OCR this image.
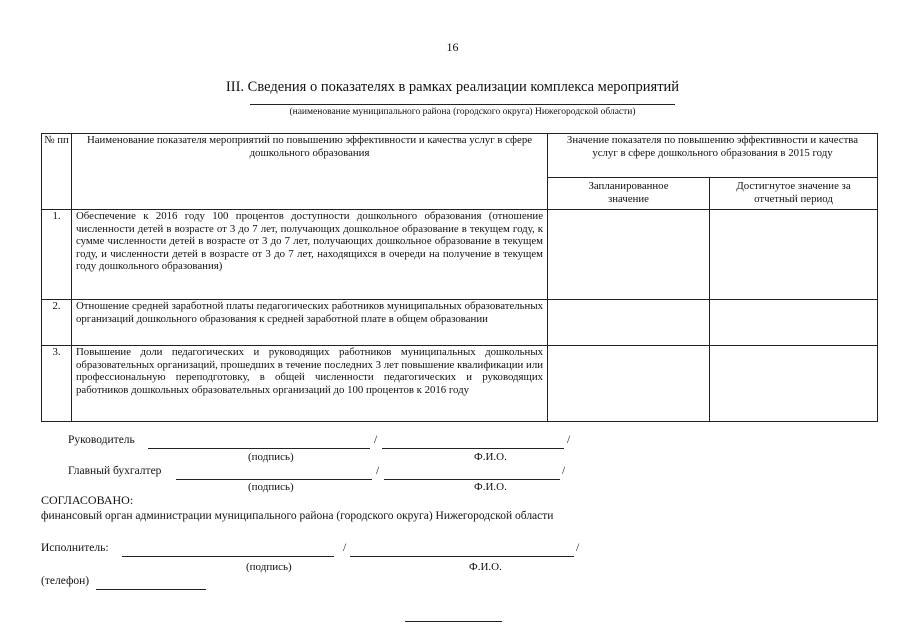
16
III. Сведения о показателях в рамках реализации комплекса мероприятий
(наименование муниципального района (городского округа) Нижегородской области)
№ пп	Наименование показателя мероприятий по повышению эффективности и качества услуг в сфере дошкольного образования	Значение показателя по повышению эффективности и качества услуг в сфере дошкольного образования в 2015 году	
		Запланированное значение	Достигнутое значение за отчетный период
1.	Обеспечение к 2016 году 100 процентов доступности дошкольного образования (отношение численности детей в возрасте от 3 до 7 лет, получающих дошкольное образование в текущем году, к сумме численности детей в возрасте от 3 до 7 лет, получающих дошкольное образование в текущем году, и численности детей в возрасте от 3 до 7 лет, находящихся в очереди на получение в текущем году дошкольного образования)		
2.	Отношение средней заработной платы педагогических работников муниципальных образовательных организаций дошкольного образования к средней заработной плате в общем образовании		
3.	Повышение доли педагогических и руководящих работников муниципальных дошкольных образовательных организаций, прошедших в течение последних 3 лет повышение квалификации или профессиональную переподготовку, в общей численности педагогических и руководящих работников дошкольных образовательных организаций до 100 процентов к 2016 году		
Руководитель	/	/
(подпись)	Ф.И.О.
Главный бухгалтер	/	/
(подпись)	Ф.И.О.
СОГЛАСОВАНО:
финансовый орган администрации муниципального района (городского округа) Нижегородской области
Исполнитель:	/	/
(подпись)	Ф.И.О.
(телефон)
